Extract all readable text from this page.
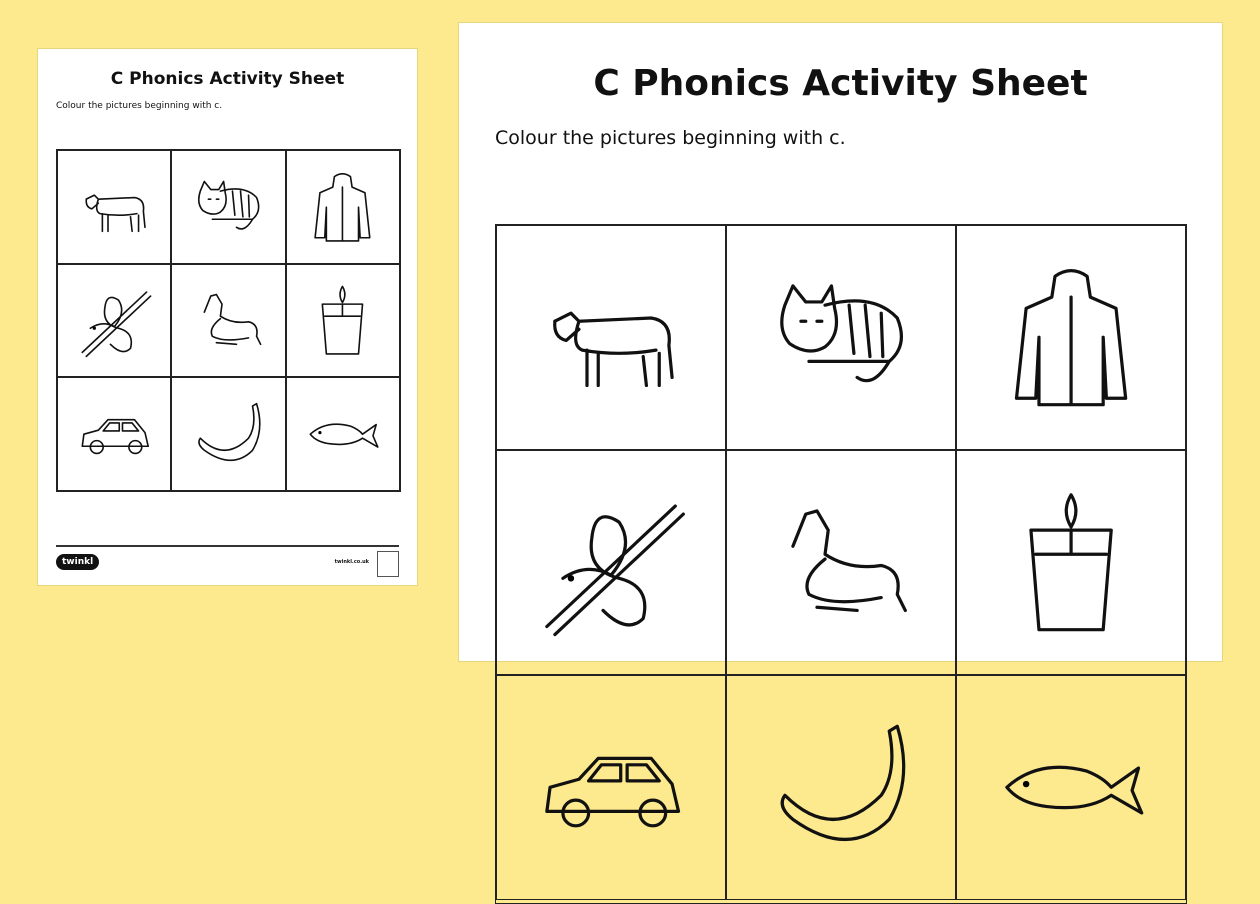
C Phonics Activity Sheet
Colour the pictures beginning with c.
twinkl	twinkl.co.uk
C Phonics Activity Sheet
Colour the pictures beginning with c.
